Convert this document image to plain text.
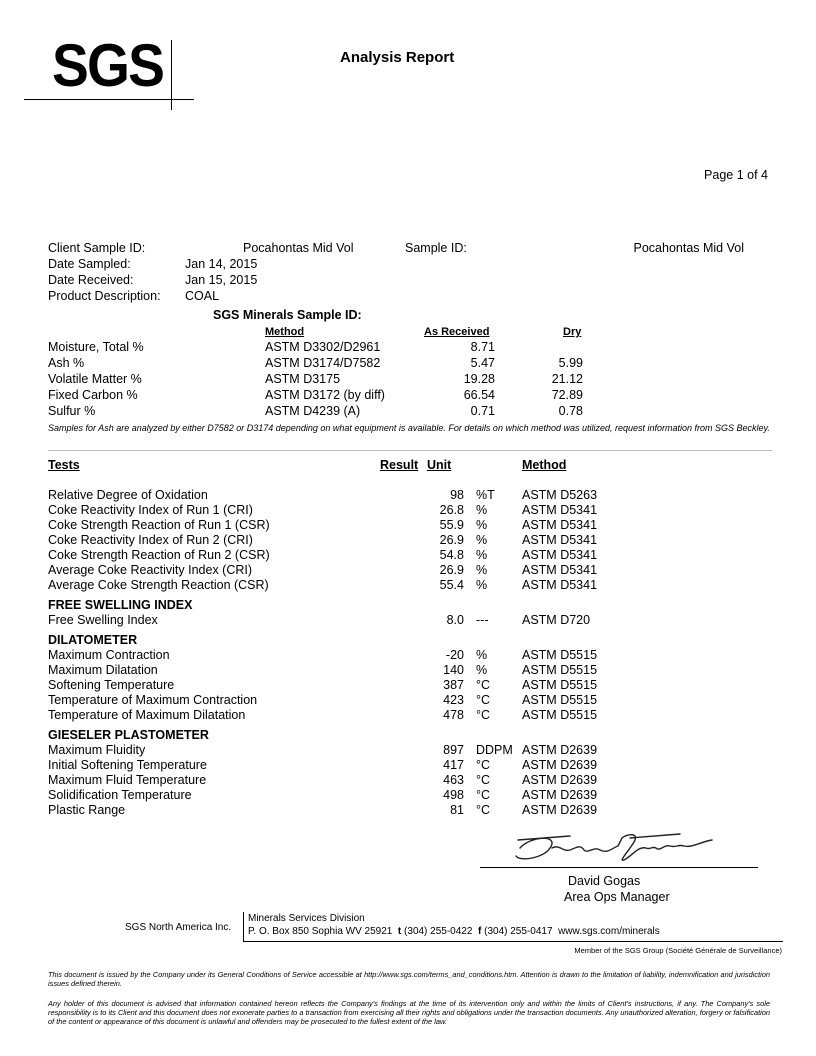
SGS	Analysis Report
Page 1 of 4
Client Sample ID:	Pocahontas Mid Vol	Sample ID:	Pocahontas Mid Vol
Date Sampled:	Jan 14, 2015
Date Received:	Jan 15, 2015
Product Description: COAL
SGS Minerals Sample ID:
Method	As Received	Dry
Moisture, Total %	ASTM D3302/D2961	8.71
Ash %	ASTM D3174/D7582	5.47	5.99
Volatile Matter %	ASTM D3175	19.28	21.12
Fixed Carbon %	ASTM D3172 (by diff)	66.54	72.89
Sulfur %	ASTM D4239 (A)	0.71	0.78
Samples for Ash are analyzed by either D7582 or D3174 depending on what equipment is available. For details on which method was utilized, request information from SGS Beckley.
Tests	Result Unit	Method
Relative Degree of Oxidation	98 %T ASTM D5263
Coke Reactivity Index of Run 1 (CRI)	26.8 %	ASTM D5341
Coke Strength Reaction of Run 1 (CSR)	55.9 %	ASTM D5341
Coke Reactivity Index of Run 2 (CRI)	26.9 %	ASTM D5341
Coke Strength Reaction of Run 2 (CSR)	54.8 %	ASTM D5341
Average Coke Reactivity Index (CRI)	26.9 %	ASTM D5341
Average Coke Strength Reaction (CSR)	55.4 %	ASTM D5341
FREE SWELLING INDEX
Free Swelling Index	8.0 ---	ASTM D720
DILATOMETER
Maximum Contraction	-20 %	ASTM D5515
Maximum Dilatation	140 %	ASTM D5515
Softening Temperature	387 °C	ASTM D5515
Temperature of Maximum Contraction	423 °C	ASTM D5515
Temperature of Maximum Dilatation	478 °C	ASTM D5515
GIESELER PLASTOMETER
Maximum Fluidity	897 DDPM ASTM D2639
Initial Softening Temperature	417 °C	ASTM D2639
Maximum Fluid Temperature	463 °C	ASTM D2639
Solidification Temperature	498 °C	ASTM D2639
Plastic Range	81 °C	ASTM D2639
David Gogas
Area Ops Manager
SGS North America Inc.
Minerals Services Division
P. O. Box 850 Sophia WV 25921 t (304) 255-0422 f (304) 255-0417 www.sgs.com/minerals
Member of the SGS Group (Société Générale de Surveillance)
This document is issued by the Company under its General Conditions of Service accessible at http://www.sgs.com/terms_and_conditions.htm. Attention is drawn to the limitation of liability, indemnification and jurisdiction issues defined therein.
Any holder of this document is advised that information contained hereon reflects the Company's findings at the time of its intervention only and within the limits of Client's instructions, if any. The Company's sole responsibility is to its Client and this document does not exonerate parties to a transaction from exercising all their rights and obligations under the transaction documents. Any unauthorized alteration, forgery or falsification of the content or appearance of this document is unlawful and offenders may be prosecuted to the fullest extent of the law.
